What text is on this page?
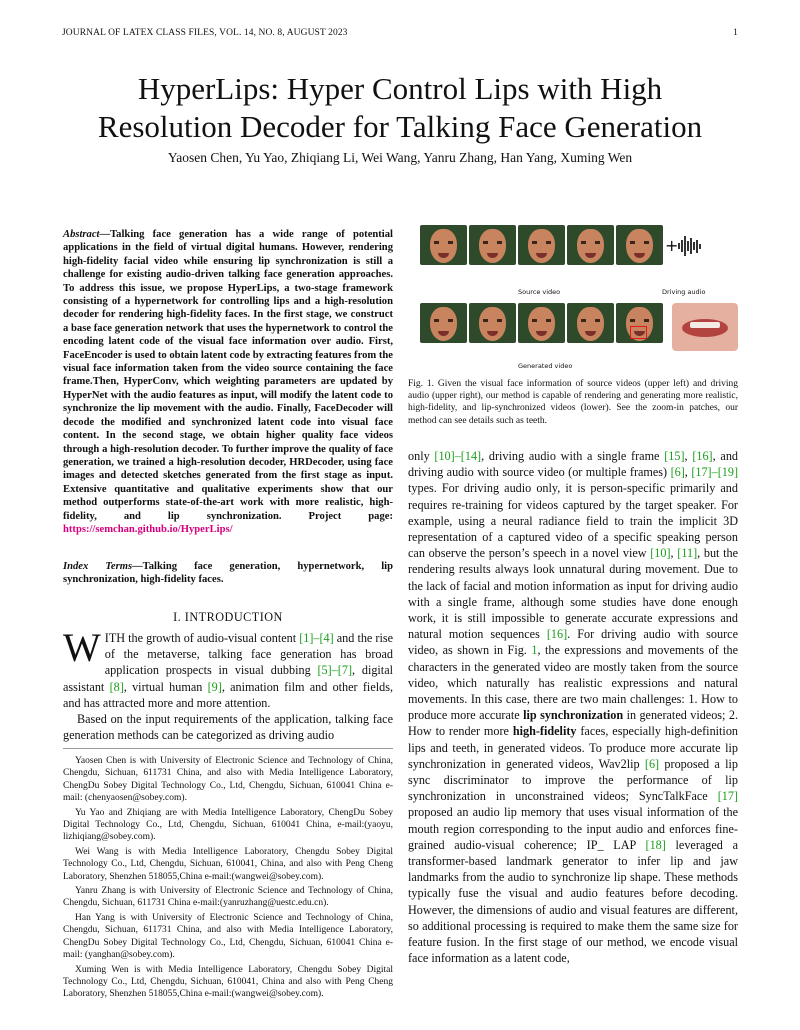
JOURNAL OF LATEX CLASS FILES, VOL. 14, NO. 8, AUGUST 2023	1
HyperLips: Hyper Control Lips with High
Resolution Decoder for Talking Face Generation
Yaosen Chen, Yu Yao, Zhiqiang Li, Wei Wang, Yanru Zhang, Han Yang, Xuming Wen
Abstract—Talking face generation has a wide range of potential applications in the field of virtual digital humans. However, rendering high-fidelity facial video while ensuring lip synchronization is still a challenge for existing audio-driven talking face generation approaches. To address this issue, we propose HyperLips, a two-stage framework consisting of a hypernetwork for controlling lips and a high-resolution decoder for rendering high-fidelity faces. In the first stage, we construct a base face generation network that uses the hypernetwork to control the encoding latent code of the visual face information over audio. First, FaceEncoder is used to obtain latent code by extracting features from the visual face information taken from the video source containing the face frame.Then, HyperConv, which weighting parameters are updated by HyperNet with the audio features as input, will modify the latent code to synchronize the lip movement with the audio. Finally, FaceDecoder will decode the modified and synchronized latent code into visual face content. In the second stage, we obtain higher quality face videos through a high-resolution decoder. To further improve the quality of face generation, we trained a high-resolution decoder, HRDecoder, using face images and detected sketches generated from the first stage as input. Extensive quantitative and qualitative experiments show that our method outperforms state-of-the-art work with more realistic, high-fidelity, and lip synchronization. Project page: https://semchan.github.io/HyperLips/
Index Terms—Talking face generation, hypernetwork, lip synchronization, high-fidelity faces.
I. INTRODUCTION

WITH the growth of audio-visual content [1]–[4] and the rise of the metaverse, talking face generation has broad application prospects in visual dubbing [5]–[7], digital assistant [8], virtual human [9], animation film and other fields, and has attracted more and more attention.

Based on the input requirements of the application, talking face generation methods can be categorized as driving audio

Yaosen Chen is with University of Electronic Science and Technology of China, Chengdu, Sichuan, 611731 China, and also with Media Intelligence Laboratory, ChengDu Sobey Digital Technology Co., Ltd, Chengdu, Sichuan, 610041 China e-mail: (chenyaosen@sobey.com).

Yu Yao and Zhiqiang are with Media Intelligence Laboratory, ChengDu Sobey Digital Technology Co., Ltd, Chengdu, Sichuan, 610041 China, e-mail:(yaoyu, lizhiqiang@sobey.com).

Wei Wang is with Media Intelligence Laboratory, Chengdu Sobey Digital Technology Co., Ltd, Chengdu, Sichuan, 610041, China, and also with Peng Cheng Laboratory, Shenzhen 518055,China e-mail:(wangwei@sobey.com).

Yanru Zhang is with University of Electronic Science and Technology of China, Chengdu, Sichuan, 611731 China e-mail:(yanruzhang@uestc.edu.cn).

Han Yang is with University of Electronic Science and Technology of China, Chengdu, Sichuan, 611731 China, and also with Media Intelligence Laboratory, ChengDu Sobey Digital Technology Co., Ltd, Chengdu, Sichuan, 610041 China e-mail: (yanghan@sobey.com).

Xuming Wen is with Media Intelligence Laboratory, Chengdu Sobey Digital Technology Co., Ltd, Chengdu, Sichuan, 610041, China and also with Peng Cheng Laboratory, Shenzhen 518055,China e-mail:(wangwei@sobey.com).

+
Source video	Driving audio
Generated video
Fig. 1. Given the visual face information of source videos (upper left) and driving audio (upper right), our method is capable of rendering and generating more realistic, high-fidelity, and lip-synchronized videos (lower). See the zoom-in patches, our method can see details such as teeth.

only [10]–[14], driving audio with a single frame [15], [16], and driving audio with source video (or multiple frames) [6], [17]–[19] types. For driving audio only, it is person-specific primarily and requires re-training for videos captured by the target speaker. For example, using a neural radiance field to train the implicit 3D representation of a captured video of a specific speaking person can observe the person’s speech in a novel view [10], [11], but the rendering results always look unnatural during movement. Due to the lack of facial and motion information as input for driving audio with a single frame, although some studies have done enough work, it is still impossible to generate accurate expressions and natural motion sequences [16]. For driving audio with source video, as shown in Fig. 1, the expressions and movements of the characters in the generated video are mostly taken from the source video, which naturally has realistic expressions and natural movements. In this case, there are two main challenges: 1. How to produce more accurate lip synchronization in generated videos; 2. How to render more high-fidelity faces, especially high-definition lips and teeth, in generated videos. To produce more accurate lip synchronization in generated videos, Wav2lip [6] proposed a lip sync discriminator to improve the performance of lip synchronization in unconstrained videos; SyncTalkFace [17] proposed an audio lip memory that uses visual information of the mouth region corresponding to the input audio and enforces fine-grained audio-visual coherence; IP_ LAP [18] leveraged a transformer-based landmark generator to infer lip and jaw landmarks from the audio to synchronize lip shape. These methods typically fuse the visual and audio features before decoding. However, the dimensions of audio and visual features are different, so additional processing is required to make them the same size for feature fusion. In the first stage of our method, we encode visual face information as a latent code,
